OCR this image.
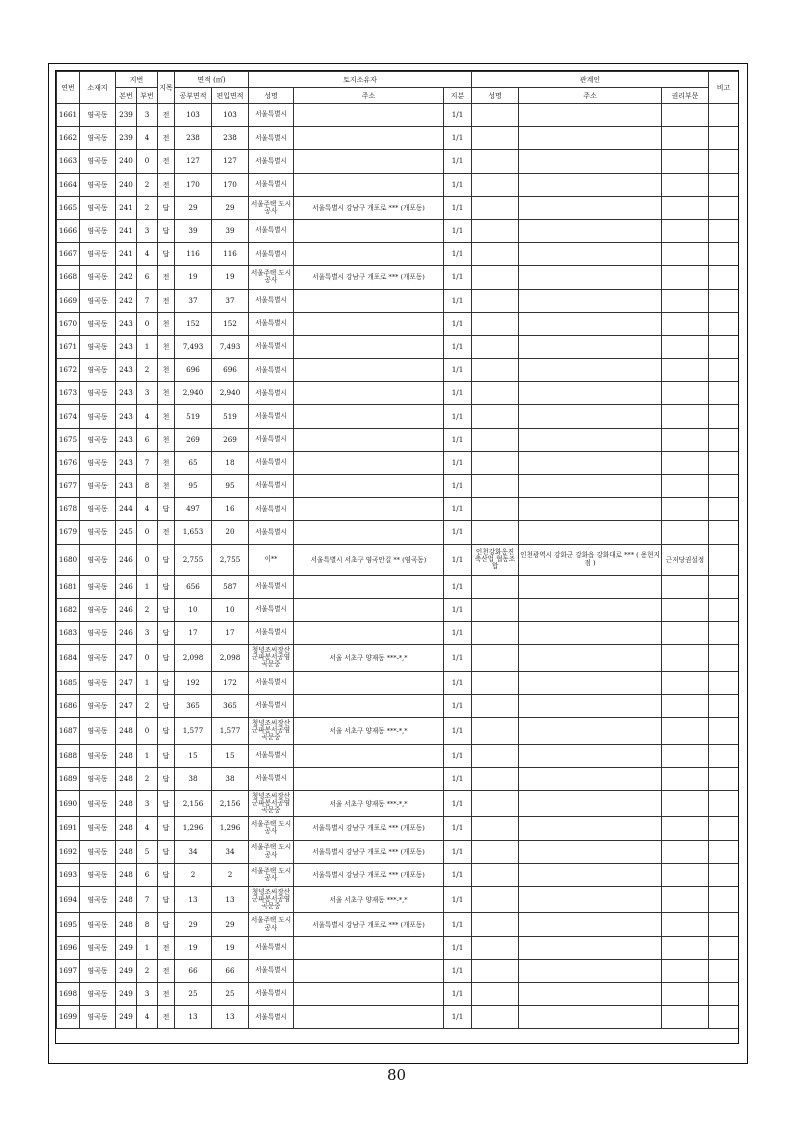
연번	소재지	지번		지목	면적 (㎡)		토지소유자			관계인			비고
		본번	부번		공부면적	편입면적	성명	주소	지분	성명	주소	권리부문	
1661	염곡동	239	3	전	103	103	서울특별시		1/1				
1662	염곡동	239	4	전	238	238	서울특별시		1/1				
1663	염곡동	240	0	전	127	127	서울특별시		1/1				
1664	염곡동	240	2	전	170	170	서울특별시		1/1				
1665	염곡동	241	2	답	29	29	서울주택 도시공사	서울특별시 강남구 개포로 *** (개포동)	1/1				
1666	염곡동	241	3	답	39	39	서울특별시		1/1				
1667	염곡동	241	4	답	116	116	서울특별시		1/1				
1668	염곡동	242	6	전	19	19	서울주택 도시공사	서울특별시 강남구 개포로 *** (개포동)	1/1				
1669	염곡동	242	7	전	37	37	서울특별시		1/1				
1670	염곡동	243	0	천	152	152	서울특별시		1/1				
1671	염곡동	243	1	천	7,493	7,493	서울특별시		1/1				
1672	염곡동	243	2	천	696	696	서울특별시		1/1				
1673	염곡동	243	3	천	2,940	2,940	서울특별시		1/1				
1674	염곡동	243	4	천	519	519	서울특별시		1/1				
1675	염곡동	243	6	천	269	269	서울특별시		1/1				
1676	염곡동	243	7	천	65	18	서울특별시		1/1				
1677	염곡동	243	8	천	95	95	서울특별시		1/1				
1678	염곡동	244	4	답	497	16	서울특별시		1/1				
1679	염곡동	245	0	전	1,653	20	서울특별시		1/1				
1680	염곡동	246	0	답	2,755	2,755	이**	서울특별시 서초구 염곡안길 ** (염곡동)	1/1	인천강화옹진 축산업 협동조합	인천광역시 강화군 강화읍 강화대로 *** ( 용현지점 )	근저당권설정	
1681	염곡동	246	1	답	656	587	서울특별시		1/1				
1682	염곡동	246	2	답	10	10	서울특별시		1/1				
1683	염곡동	246	3	답	17	17	서울특별시		1/1				
1684	염곡동	247	0	답	2,098	2,098	청녕조씨장산 군파봉서공염 곡문중	서울 서초구 양재동 ***-*,*	1/1				
1685	염곡동	247	1	답	192	172	서울특별시		1/1				
1686	염곡동	247	2	답	365	365	서울특별시		1/1				
1687	염곡동	248	0	답	1,577	1,577	청녕조씨장산 군파봉서공염 곡문중	서울 서초구 양재동 ***-*,*	1/1				
1688	염곡동	248	1	답	15	15	서울특별시		1/1				
1689	염곡동	248	2	답	38	38	서울특별시		1/1				
1690	염곡동	248	3	답	2,156	2,156	청녕조씨장산 군파봉서공염 곡문중	서울 서초구 양재동 ***-*,*	1/1				
1691	염곡동	248	4	답	1,296	1,296	서울주택 도시공사	서울특별시 강남구 개포로 *** (개포동)	1/1				
1692	염곡동	248	5	답	34	34	서울주택 도시공사	서울특별시 강남구 개포로 *** (개포동)	1/1				
1693	염곡동	248	6	답	2	2	서울주택 도시공사	서울특별시 강남구 개포로 *** (개포동)	1/1				
1694	염곡동	248	7	답	13	13	청녕조씨장산 군파봉서공염 곡문중	서울 서초구 양재동 ***-*,*	1/1				
1695	염곡동	248	8	답	29	29	서울주택 도시공사	서울특별시 강남구 개포로 *** (개포동)	1/1				
1696	염곡동	249	1	전	19	19	서울특별시		1/1				
1697	염곡동	249	2	전	66	66	서울특별시		1/1				
1698	염곡동	249	3	전	25	25	서울특별시		1/1				
1699	염곡동	249	4	전	13	13	서울특별시		1/1				
80
